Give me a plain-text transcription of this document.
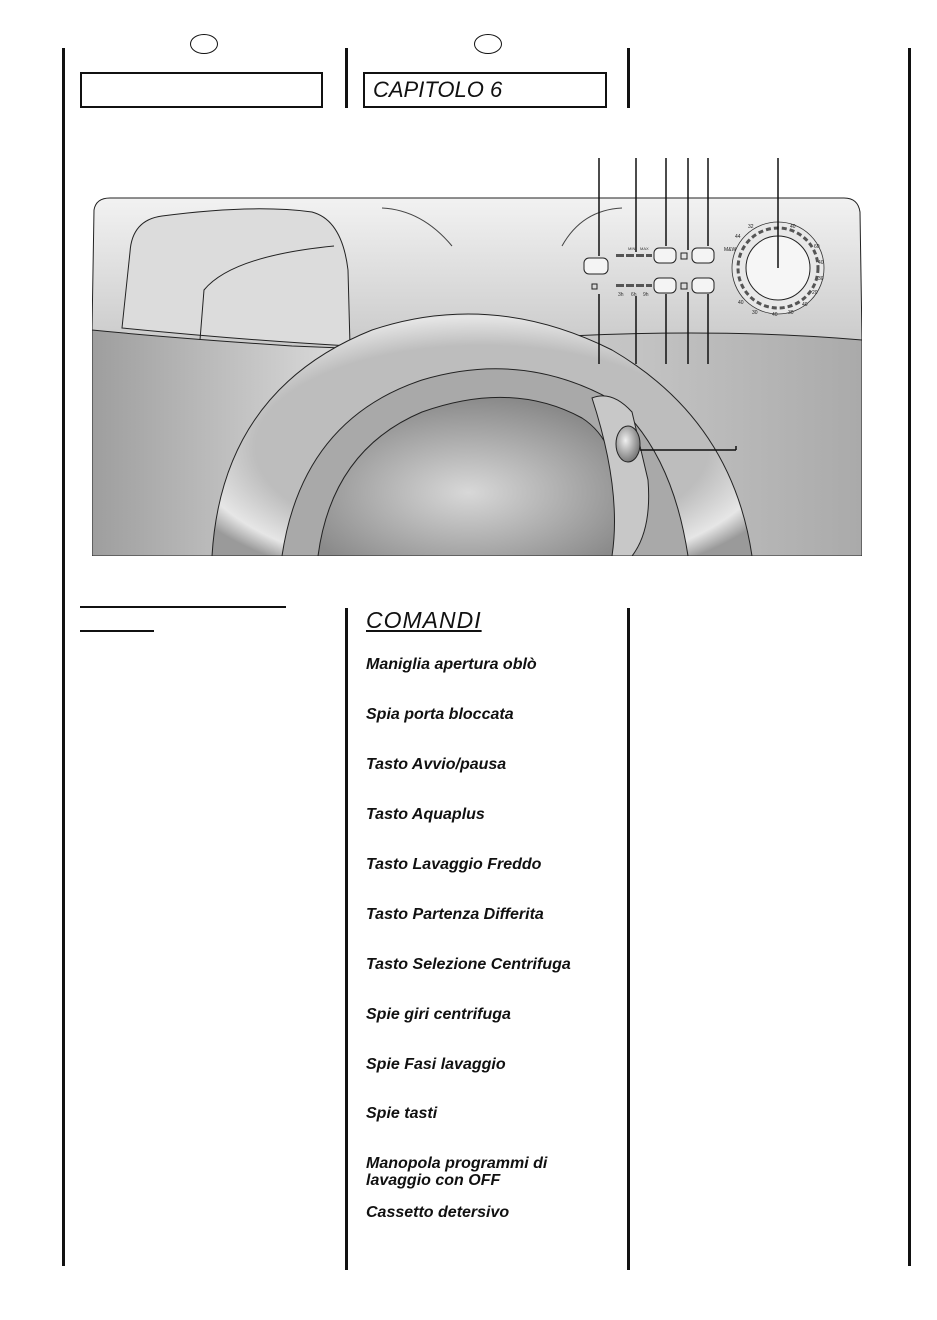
CAPITOLO 6
MIN MAX
3h 6h 9h
M&W
32	40
44
60
40
30
20
40
30
40
40
30
COMANDI
Maniglia apertura oblò
Spia porta bloccata
Tasto Avvio/pausa
Tasto Aquaplus
Tasto Lavaggio Freddo
Tasto Partenza Differita
Tasto Selezione Centrifuga
Spie giri centrifuga
Spie Fasi lavaggio
Spie tasti
Manopola programmi di
lavaggio con OFF
Cassetto detersivo
